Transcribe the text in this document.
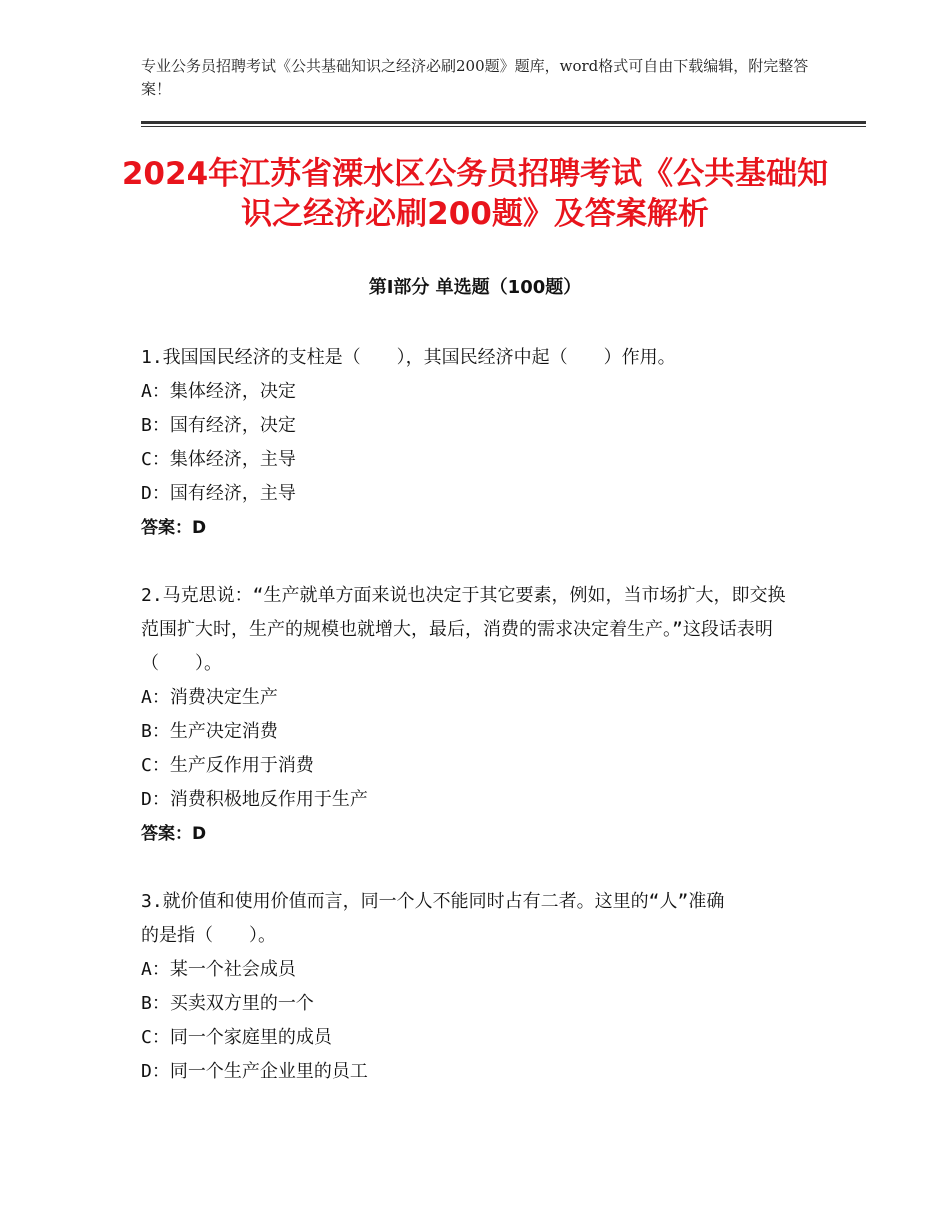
专业公务员招聘考试《公共基础知识之经济必刷200题》题库，word格式可自由下载编辑，附完整答案！
2024年江苏省溧水区公务员招聘考试《公共基础知识之经济必刷200题》及答案解析
第Ⅰ部分 单选题（100题）

1.我国国民经济的支柱是（　　），其国民经济中起（　　）作用。

A：集体经济，决定
B：国有经济，决定
C：集体经济，主导
D：国有经济，主导

答案：D

2.马克思说：“生产就单方面来说也决定于其它要素，例如，当市场扩大，即交换范围扩大时，生产的规模也就增大，最后，消费的需求决定着生产。”这段话表明（　　）。

A：消费决定生产
B：生产决定消费
C：生产反作用于消费
D：消费积极地反作用于生产

答案：D

3.就价值和使用价值而言，同一个人不能同时占有二者。这里的“人”准确的是指（　　）。

A：某一个社会成员
B：买卖双方里的一个
C：同一个家庭里的成员
D：同一个生产企业里的员工
